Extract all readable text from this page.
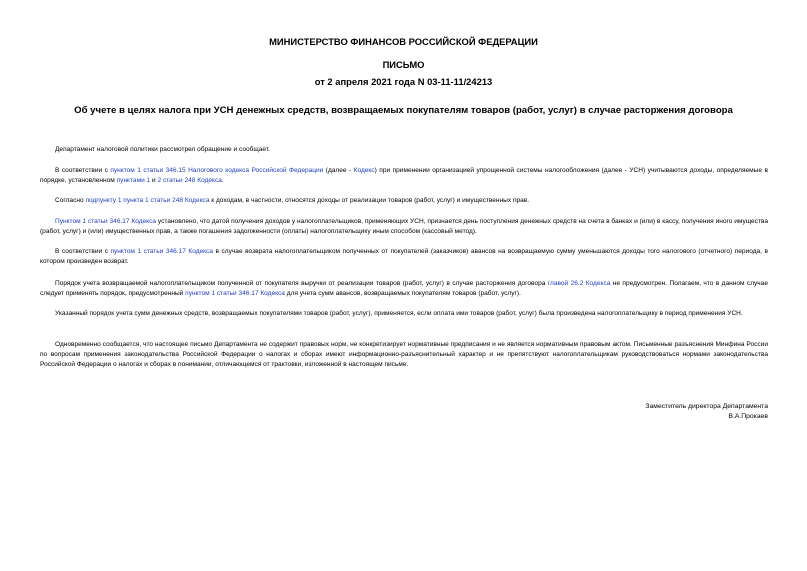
МИНИСТЕРСТВО ФИНАНСОВ РОССИЙСКОЙ ФЕДЕРАЦИИ
ПИСЬМО
от 2 апреля 2021 года N 03-11-11/24213
Об учете в целях налога при УСН денежных средств, возвращаемых покупателям товаров (работ, услуг) в случае расторжения договора

Департамент налоговой политики рассмотрел обращение и сообщает.

В соответствии с пунктом 1 статьи 346.15 Налогового кодекса Российской Федерации (далее - Кодекс) при применении организацией упрощенной системы налогообложения (далее - УСН) учитываются доходы, определяемые в порядке, установленном пунктами 1 и 2 статьи 248 Кодекса.

Согласно подпункту 1 пункта 1 статьи 248 Кодекса к доходам, в частности, относятся доходы от реализации товаров (работ, услуг) и имущественных прав.

Пунктом 1 статьи 346.17 Кодекса установлено, что датой получения доходов у налогоплательщиков, применяющих УСН, признается день поступления денежных средств на счета в банках и (или) в кассу, получения иного имущества (работ, услуг) и (или) имущественных прав, а также погашения задолженности (оплаты) налогоплательщику иным способом (кассовый метод).

В соответствии с пунктом 1 статьи 346.17 Кодекса в случае возврата налогоплательщиком полученных от покупателей (заказчиков) авансов на возвращаемую сумму уменьшаются доходы того налогового (отчетного) периода, в котором произведен возврат.

Порядок учета возвращаемой налогоплательщиком полученной от покупателя выручки от реализации товаров (работ, услуг) в случае расторжения договора главой 26.2 Кодекса не предусмотрен. Полагаем, что в данном случае следует применять порядок, предусмотренный пунктом 1 статьи 346.17 Кодекса для учета сумм авансов, возвращаемых покупателям товаров (работ, услуг).

Указанный порядок учета сумм денежных средств, возвращаемых покупателями товаров (работ, услуг), применяется, если оплата ими товаров (работ, услуг) была произведена налогоплательщику в период применения УСН.

Одновременно сообщается, что настоящее письмо Департамента не содержит правовых норм, не конкретизирует нормативные предписания и не является нормативным правовым актом. Письменные разъяснения Минфина России по вопросам применения законодательства Российской Федерации о налогах и сборах имеют информационно-разъяснительный характер и не препятствуют налогоплательщикам руководствоваться нормами законодательства Российской Федерации о налогах и сборах в понимании, отличающемся от трактовки, изложенной в настоящем письме.

Заместитель директора Департамента
В.А.Прокаев
